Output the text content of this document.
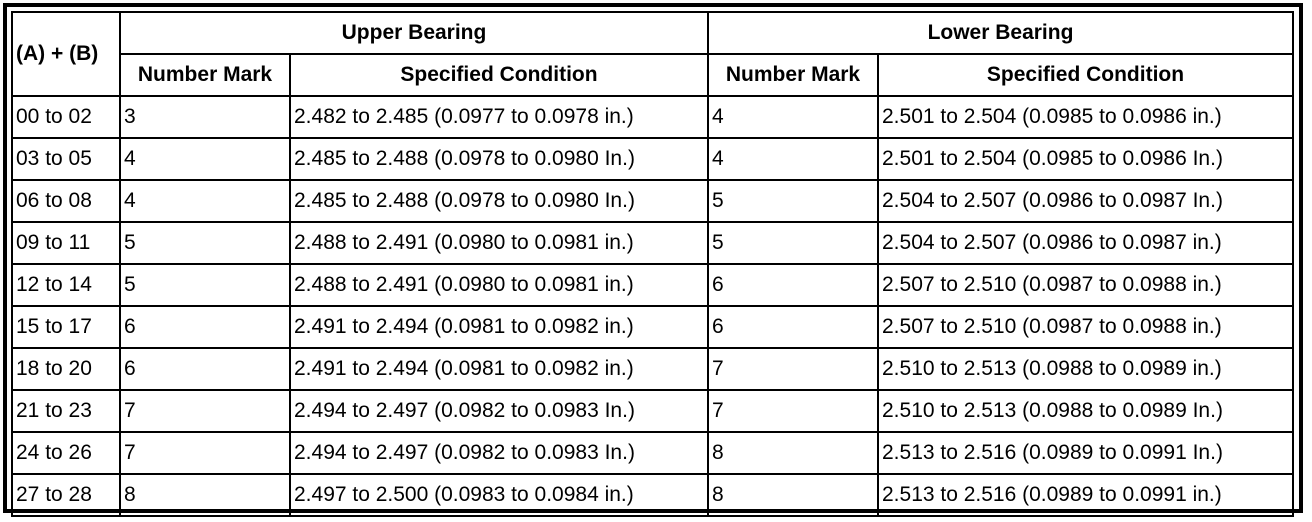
(A) + (B)	Upper Bearing		Lower Bearing	
	Number Mark	Specified Condition	Number Mark	Specified Condition
00 to 02	3	2.482 to 2.485 (0.0977 to 0.0978 in.)	4	2.501 to 2.504 (0.0985 to 0.0986 in.)
03 to 05	4	2.485 to 2.488 (0.0978 to 0.0980 In.)	4	2.501 to 2.504 (0.0985 to 0.0986 In.)
06 to 08	4	2.485 to 2.488 (0.0978 to 0.0980 In.)	5	2.504 to 2.507 (0.0986 to 0.0987 In.)
09 to 11	5	2.488 to 2.491 (0.0980 to 0.0981 in.)	5	2.504 to 2.507 (0.0986 to 0.0987 in.)
12 to 14	5	2.488 to 2.491 (0.0980 to 0.0981 in.)	6	2.507 to 2.510 (0.0987 to 0.0988 in.)
15 to 17	6	2.491 to 2.494 (0.0981 to 0.0982 in.)	6	2.507 to 2.510 (0.0987 to 0.0988 in.)
18 to 20	6	2.491 to 2.494 (0.0981 to 0.0982 in.)	7	2.510 to 2.513 (0.0988 to 0.0989 in.)
21 to 23	7	2.494 to 2.497 (0.0982 to 0.0983 In.)	7	2.510 to 2.513 (0.0988 to 0.0989 In.)
24 to 26	7	2.494 to 2.497 (0.0982 to 0.0983 In.)	8	2.513 to 2.516 (0.0989 to 0.0991 In.)
27 to 28	8	2.497 to 2.500 (0.0983 to 0.0984 in.)	8	2.513 to 2.516 (0.0989 to 0.0991 in.)
